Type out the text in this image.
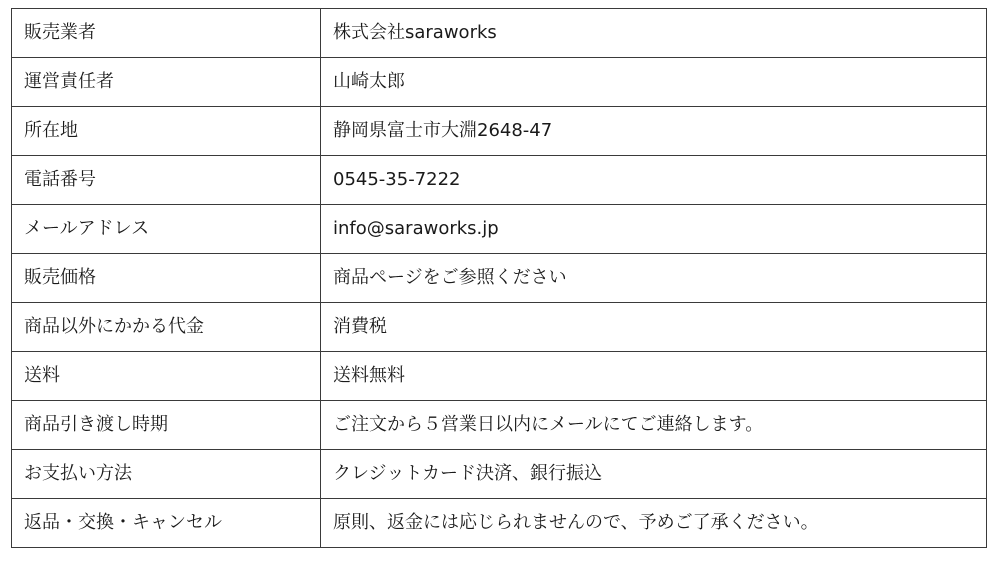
販売業者	株式会社saraworks
運営責任者	山崎太郎
所在地	静岡県富士市大淵2648-47
電話番号	0545-35-7222
メールアドレス	info@saraworks.jp
販売価格	商品ページをご参照ください
商品以外にかかる代金	消費税
送料	送料無料
商品引き渡し時期	ご注文から５営業日以内にメールにてご連絡します。
お支払い方法	クレジットカード決済、銀行振込
返品・交換・キャンセル	原則、返金には応じられませんので、予めご了承ください。
